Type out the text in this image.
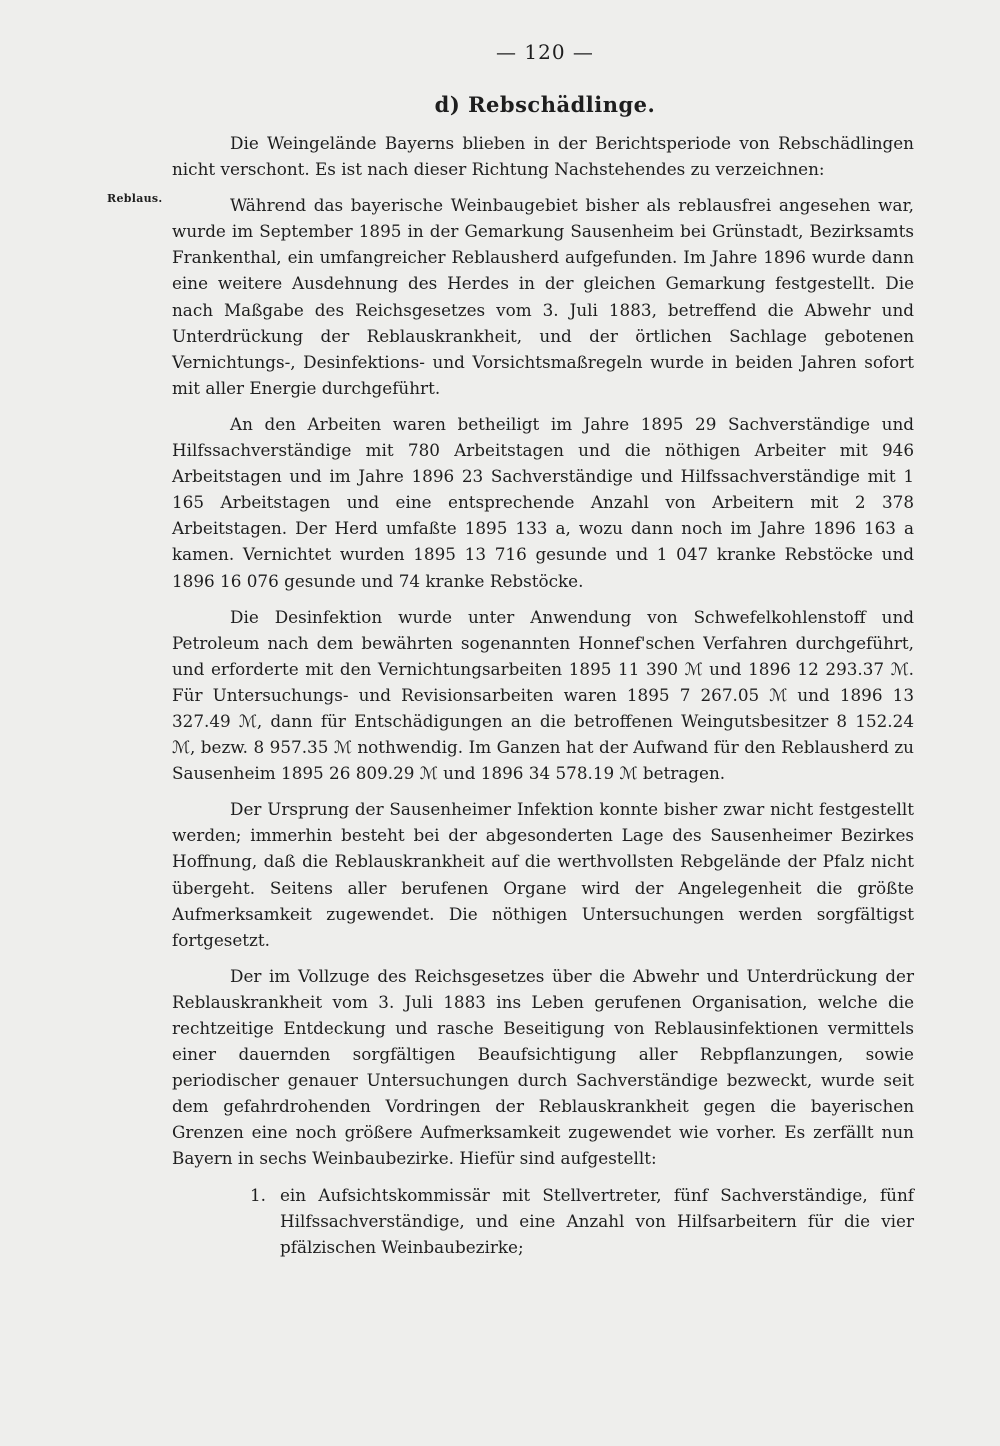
— 120 —
d) Rebschädlinge.
Reblaus.

Die Weingelände Bayerns blieben in der Berichtsperiode von Rebschädlingen nicht verschont. Es ist nach dieser Richtung Nachstehendes zu verzeichnen:

Während das bayerische Weinbaugebiet bisher als reblausfrei angesehen war, wurde im September 1895 in der Gemarkung Sausenheim bei Grünstadt, Bezirksamts Frankenthal, ein umfangreicher Reblausherd aufgefunden. Im Jahre 1896 wurde dann eine weitere Ausdehnung des Herdes in der gleichen Gemarkung festgestellt. Die nach Maßgabe des Reichsgesetzes vom 3. Juli 1883, betreffend die Abwehr und Unterdrückung der Reblauskrankheit, und der örtlichen Sachlage gebotenen Vernichtungs-, Desinfektions- und Vorsichtsmaßregeln wurde in beiden Jahren sofort mit aller Energie durchgeführt.

An den Arbeiten waren betheiligt im Jahre 1895 29 Sachverständige und Hilfssachverständige mit 780 Arbeitstagen und die nöthigen Arbeiter mit 946 Arbeitstagen und im Jahre 1896 23 Sachverständige und Hilfssachverständige mit 1 165 Arbeitstagen und eine entsprechende Anzahl von Arbeitern mit 2 378 Arbeitstagen. Der Herd umfaßte 1895 133 a, wozu dann noch im Jahre 1896 163 a kamen. Vernichtet wurden 1895 13 716 gesunde und 1 047 kranke Rebstöcke und 1896 16 076 gesunde und 74 kranke Rebstöcke.

Die Desinfektion wurde unter Anwendung von Schwefelkohlenstoff und Petroleum nach dem bewährten sogenannten Honnef'schen Verfahren durchgeführt, und erforderte mit den Vernichtungsarbeiten 1895 11 390 ℳ und 1896 12 293.37 ℳ. Für Untersuchungs- und Revisionsarbeiten waren 1895 7 267.05 ℳ und 1896 13 327.49 ℳ, dann für Entschädigungen an die betroffenen Weingutsbesitzer 8 152.24 ℳ, bezw. 8 957.35 ℳ nothwendig. Im Ganzen hat der Aufwand für den Reblausherd zu Sausenheim 1895 26 809.29 ℳ und 1896 34 578.19 ℳ betragen.

Der Ursprung der Sausenheimer Infektion konnte bisher zwar nicht festgestellt werden; immerhin besteht bei der abgesonderten Lage des Sausenheimer Bezirkes Hoffnung, daß die Reblauskrankheit auf die werthvollsten Rebgelände der Pfalz nicht übergeht. Seitens aller berufenen Organe wird der Angelegenheit die größte Aufmerksamkeit zugewendet. Die nöthigen Untersuchungen werden sorgfältigst fortgesetzt.

Der im Vollzuge des Reichsgesetzes über die Abwehr und Unterdrückung der Reblauskrankheit vom 3. Juli 1883 ins Leben gerufenen Organisation, welche die rechtzeitige Entdeckung und rasche Beseitigung von Reblausinfektionen vermittels einer dauernden sorgfältigen Beaufsichtigung aller Rebpflanzungen, sowie periodischer genauer Untersuchungen durch Sachverständige bezweckt, wurde seit dem gefahrdrohenden Vordringen der Reblauskrankheit gegen die bayerischen Grenzen eine noch größere Aufmerksamkeit zugewendet wie vorher. Es zerfällt nun Bayern in sechs Weinbaubezirke. Hiefür sind aufgestellt:

1. ein Aufsichtskommissär mit Stellvertreter, fünf Sachverständige, fünf Hilfssachverständige, und eine Anzahl von Hilfsarbeitern für die vier pfälzischen Weinbaubezirke;
